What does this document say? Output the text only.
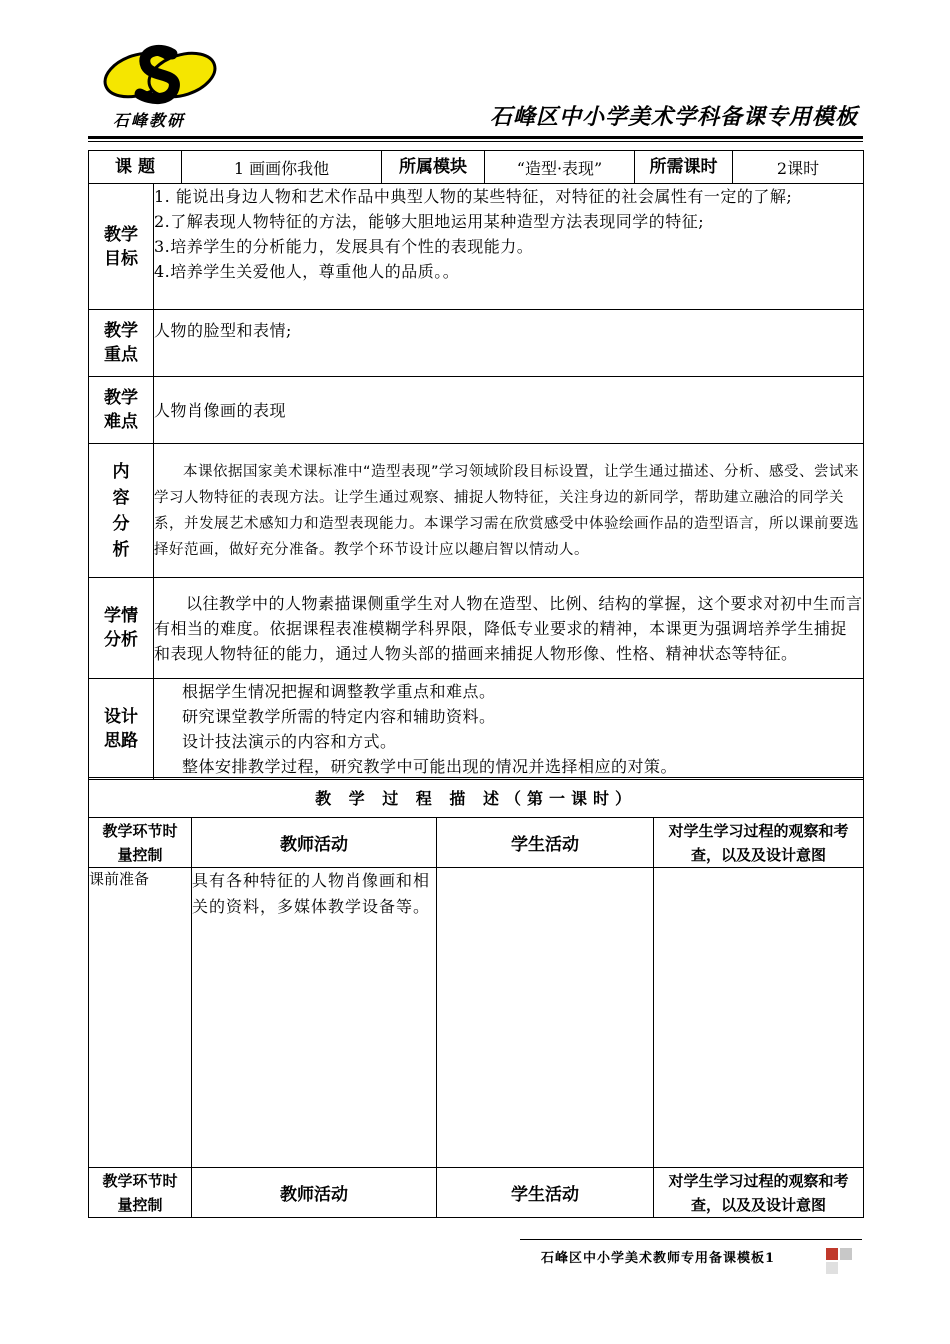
石峰教研	石峰区中小学美术学科备课专用模板
课 题		1 画画你我他	所属模块	“造型·表现”	所需课时	2课时

教学目标	1. 能说出身边人物和艺术作品中典型人物的某些特征，对特征的社会属性有一定的了解;

2.了解表现人物特征的方法，能够大胆地运用某种造型方法表现同学的特征;

3.培养学生的分析能力，发展具有个性的表现能力。

4.培养学生关爱他人，尊重他人的品质。。					

教学重点	人物的脸型和表情;					

教学难点	人物肖像画的表现					

内容分析	本课依据国家美术课标准中“造型表现”学习领域阶段目标设置，让学生通过描述、分析、感受、尝试来学习人物特征的表现方法。让学生通过观察、捕捉人物特征，关注身边的新同学，帮助建立融洽的同学关系，并发展艺术感知力和造型表现能力。本课学习需在欣赏感受中体验绘画作品的造型语言，所以课前要选择好范画，做好充分准备。教学个环节设计应以趣启智以情动人。					

学情分析	以往教学中的人物素描课侧重学生对人物在造型、比例、结构的掌握，这个要求对初中生而言有相当的难度。依据课程表准模糊学科界限，降低专业要求的精神，本课更为强调培养学生捕捉和表现人物特征的能力，通过人物头部的描画来捕捉人物形像、性格、精神状态等特征。					

设计思路	根据学生情况把握和调整教学重点和难点。

研究课堂教学所需的特定内容和辅助资料。

设计技法演示的内容和方式。

整体安排教学过程，研究教学中可能出现的情况并选择相应的对策。					

教 学 过 程 描 述（第一课时）			

教学环节时量控制	教师活动	学生活动	对学生学习过程的观察和考查，以及及设计意图

课前准备	具有各种特征的人物肖像画和相关的资料，多媒体教学设备等。		

教学环节时量控制	教师活动	学生活动	对学生学习过程的观察和考查，以及及设计意图
石峰区中小学美术教师专用备课模板1
